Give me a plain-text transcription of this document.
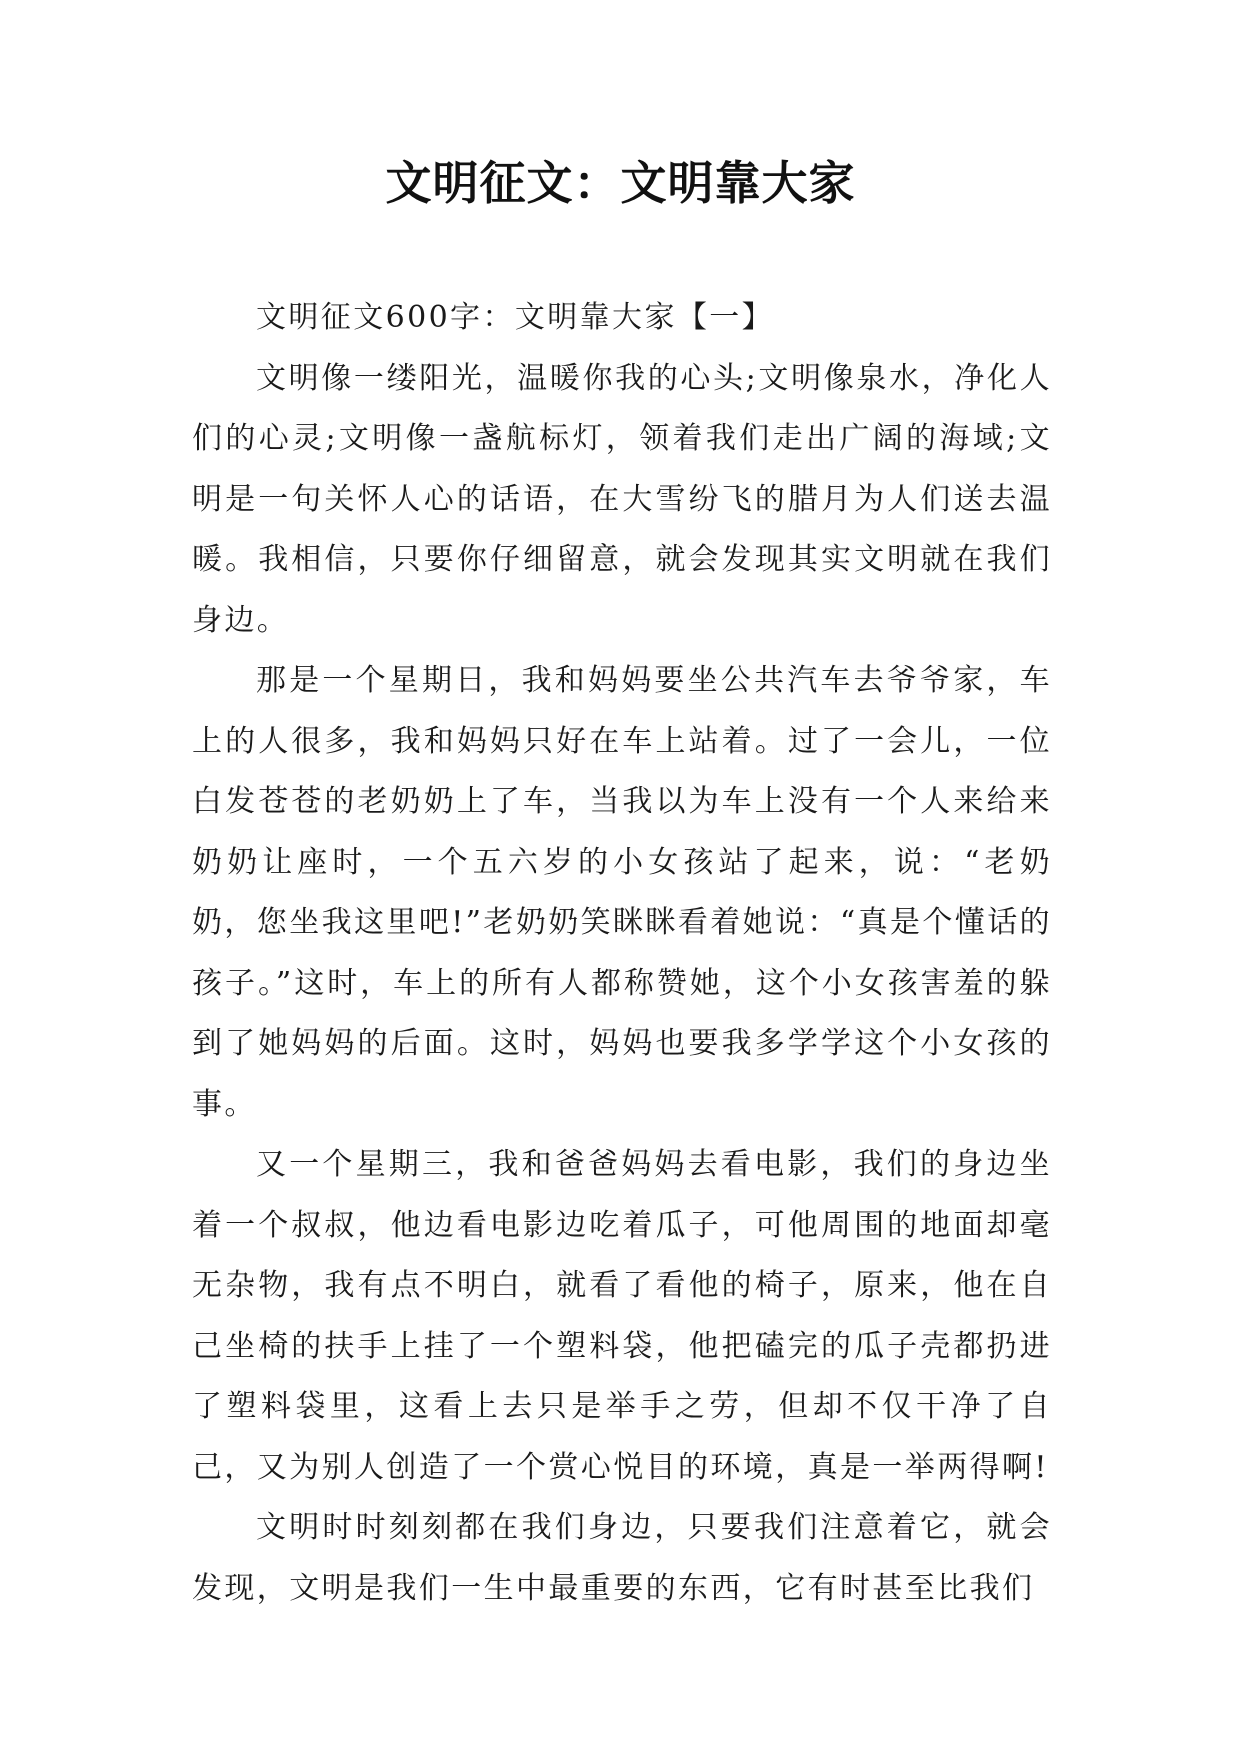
文明征文：文明靠大家

文明征文600字：文明靠大家【一】

文明像一缕阳光，温暖你我的心头;文明像泉水，净化人们的心灵;文明像一盏航标灯，领着我们走出广阔的海域;文明是一句关怀人心的话语，在大雪纷飞的腊月为人们送去温暖。我相信，只要你仔细留意，就会发现其实文明就在我们身边。

那是一个星期日，我和妈妈要坐公共汽车去爷爷家，车上的人很多，我和妈妈只好在车上站着。过了一会儿，一位白发苍苍的老奶奶上了车，当我以为车上没有一个人来给来奶奶让座时，一个五六岁的小女孩站了起来，说：“老奶奶，您坐我这里吧!”老奶奶笑眯眯看着她说：“真是个懂话的孩子。”这时，车上的所有人都称赞她，这个小女孩害羞的躲到了她妈妈的后面。这时，妈妈也要我多学学这个小女孩的事。

又一个星期三，我和爸爸妈妈去看电影，我们的身边坐着一个叔叔，他边看电影边吃着瓜子，可他周围的地面却毫无杂物，我有点不明白，就看了看他的椅子，原来，他在自己坐椅的扶手上挂了一个塑料袋，他把磕完的瓜子壳都扔进了塑料袋里，这看上去只是举手之劳，但却不仅干净了自己，又为别人创造了一个赏心悦目的环境，真是一举两得啊!

文明时时刻刻都在我们身边，只要我们注意着它，就会发现，文明是我们一生中最重要的东西，它有时甚至比我们
